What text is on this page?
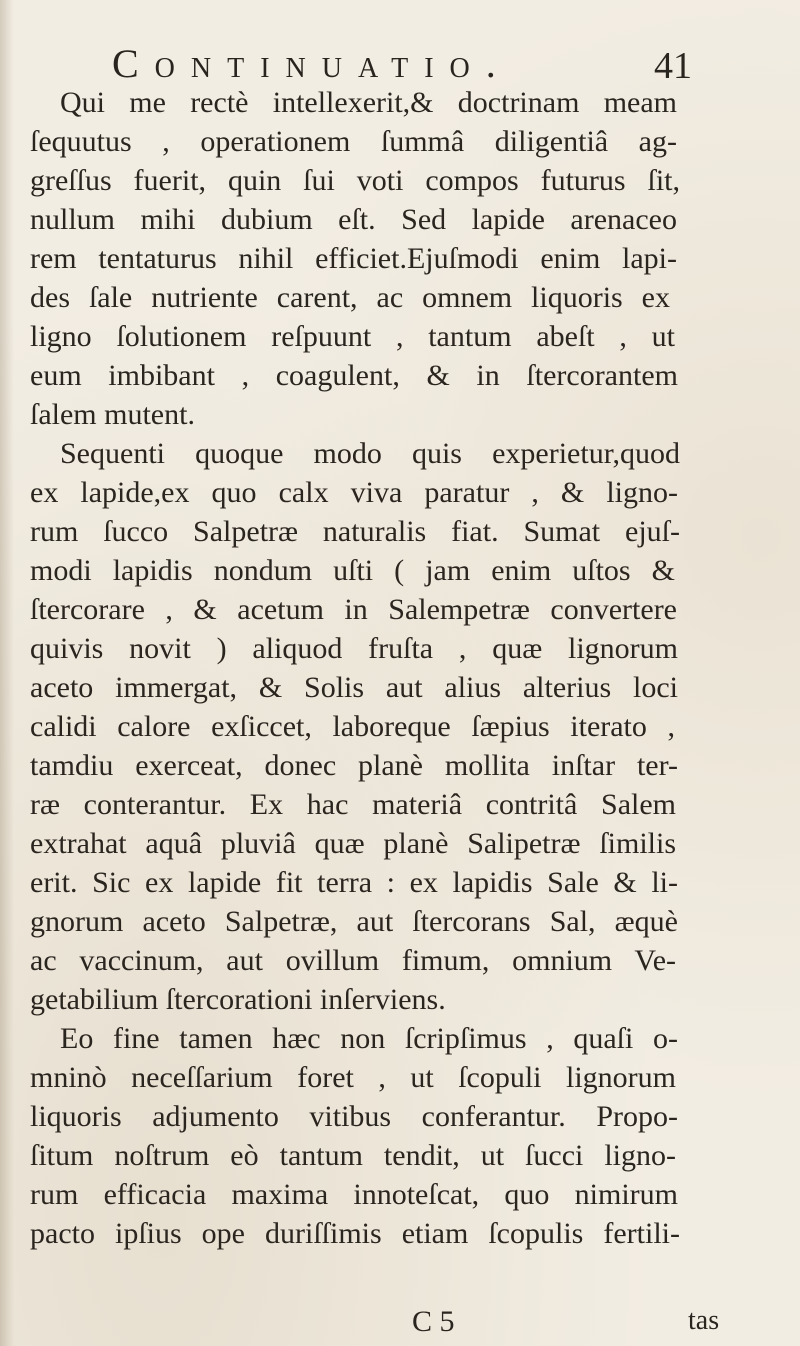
Continuatio.	41
Qui me rectè intellexerit,& doctrinam meam
ſequutus , operationem ſummâ diligentiâ ag-
greſſus fuerit, quin ſui voti compos futurus ſit,
nullum mihi dubium eſt. Sed lapide arenaceo
rem tentaturus nihil efficiet.Ejuſmodi enim lapi-
des ſale nutriente carent, ac omnem liquoris ex
ligno ſolutionem reſpuunt , tantum abeſt , ut
eum imbibant , coagulent, & in ſtercorantem
ſalem mutent.
Sequenti quoque modo quis experietur,quod
ex lapide,ex quo calx viva paratur , & ligno-
rum ſucco Salpetræ naturalis fiat. Sumat ejuſ-
modi lapidis nondum uſti ( jam enim uſtos &
ſtercorare , & acetum in Salempetræ convertere
quivis novit ) aliquod fruſta , quæ lignorum
aceto immergat, & Solis aut alius alterius loci
calidi calore exſiccet, laboreque ſæpius iterato ,
tamdiu exerceat, donec planè mollita inſtar ter-
ræ conterantur. Ex hac materiâ contritâ Salem
extrahat aquâ pluviâ quæ planè Salipetræ ſimilis
erit. Sic ex lapide fit terra : ex lapidis Sale & li-
gnorum aceto Salpetræ, aut ſtercorans Sal, æquè
ac vaccinum, aut ovillum fimum, omnium Ve-
getabilium ſtercorationi inſerviens.
Eo fine tamen hæc non ſcripſimus , quaſi o-
mninò neceſſarium foret , ut ſcopuli lignorum
liquoris adjumento vitibus conferantur. Propo-
ſitum noſtrum eò tantum tendit, ut ſucci ligno-
rum efficacia maxima innoteſcat, quo nimirum
pacto ipſius ope duriſſimis etiam ſcopulis fertili-
C 5	tas
